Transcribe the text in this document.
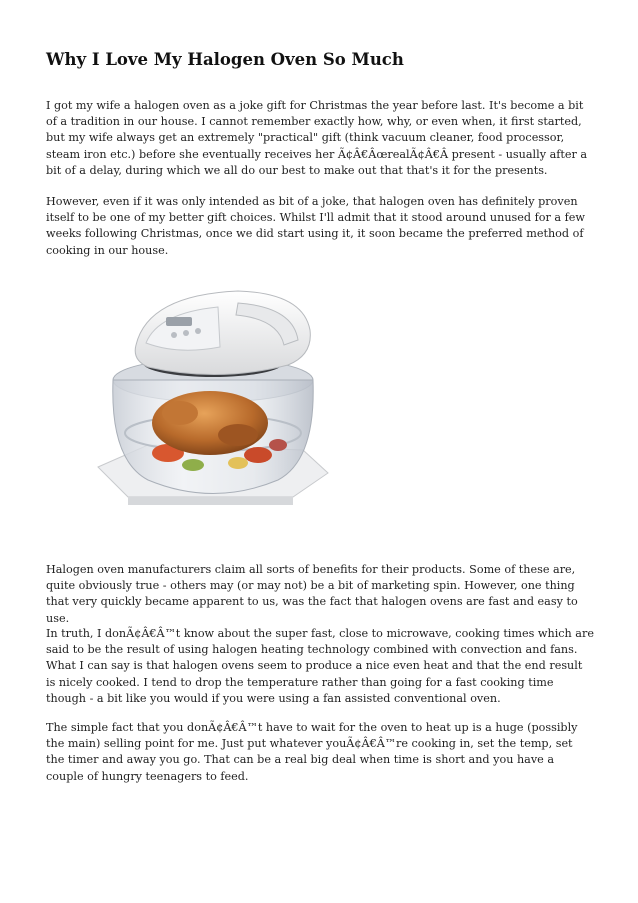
Why I Love My Halogen Oven So Much

I got my wife a halogen oven as a joke gift for Christmas the year before last. It's become a bit of a tradition in our house. I cannot remember exactly how, why, or even when, it first started, but my wife always get an extremely "practical" gift (think vacuum cleaner, food processor, steam iron etc.) before she eventually receives her Ã¢Â€ÂœrealÃ¢Â€Â present - usually after a bit of a delay, during which we all do our best to make out that that's it for the presents.

However, even if it was only intended as bit of a joke, that halogen oven has definitely proven itself to be one of my better gift choices. Whilst I'll admit that it stood around unused for a few weeks following Christmas, once we did start using it, it soon became the preferred method of cooking in our house.

Halogen oven manufacturers claim all sorts of benefits for their products. Some of these are, quite obviously true - others may (or may not) be a bit of marketing spin. However, one thing that very quickly became apparent to us, was the fact that halogen ovens are fast and easy to use.

In truth, I donÃ¢Â€Â™t know about the super fast, close to microwave, cooking times which are said to be the result of using halogen heating technology combined with convection and fans. What I can say is that halogen ovens seem to produce a nice even heat and that the end result is nicely cooked. I tend to drop the temperature rather than going for a fast cooking time though - a bit like you would if you were using a fan assisted conventional oven.

The simple fact that you donÃ¢Â€Â™t have to wait for the oven to heat up is a huge (possibly the main) selling point for me. Just put whatever youÃ¢Â€Â™re cooking in, set the temp, set the timer and away you go. That can be a real big deal when time is short and you have a couple of hungry teenagers to feed.
